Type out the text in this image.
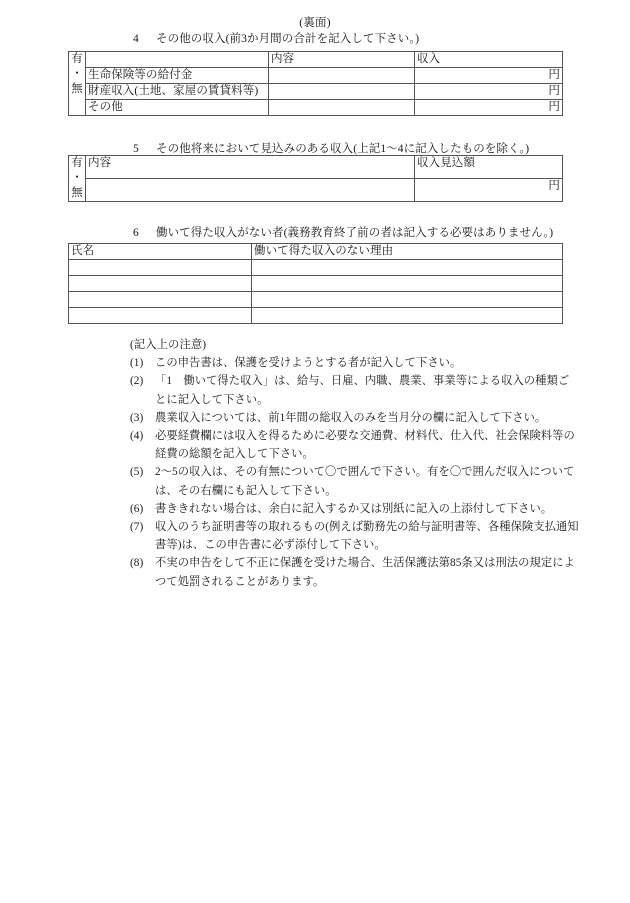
(裏面)
4 その他の収入(前3か月間の合計を記入して下さい。)
有
・
無		内容	収入
	生命保険等の給付金		円
	財産収入(土地、家屋の賃貸料等)		円
	その他		円
5 その他将来において見込みのある収入(上記1〜4に記入したものを除く。)
有
・
無	内容	収入見込額
		円
6 働いて得た収入がない者(義務教育終了前の者は記入する必要はありません。)
氏名	働いて得た収入のない理由

(記入上の注意)
(1) この申告書は、保護を受けようとする者が記入して下さい。
(2) 「1　働いて得た収入」は、給与、日雇、内職、農業、事業等による収入の種類ごとに記入して下さい。
(3) 農業収入については、前1年間の総収入のみを当月分の欄に記入して下さい。
(4) 必要経費欄には収入を得るために必要な交通費、材料代、仕入代、社会保険料等の経費の総額を記入して下さい。
(5) 2〜5の収入は、その有無について〇で囲んで下さい。有を〇で囲んだ収入については、その右欄にも記入して下さい。
(6) 書ききれない場合は、余白に記入するか又は別紙に記入の上添付して下さい。
(7) 収入のうち証明書等の取れるもの(例えば勤務先の給与証明書等、各種保険支払通知書等)は、この申告書に必ず添付して下さい。
(8) 不実の申告をして不正に保護を受けた場合、生活保護法第85条又は刑法の規定によつて処罰されることがあります。
